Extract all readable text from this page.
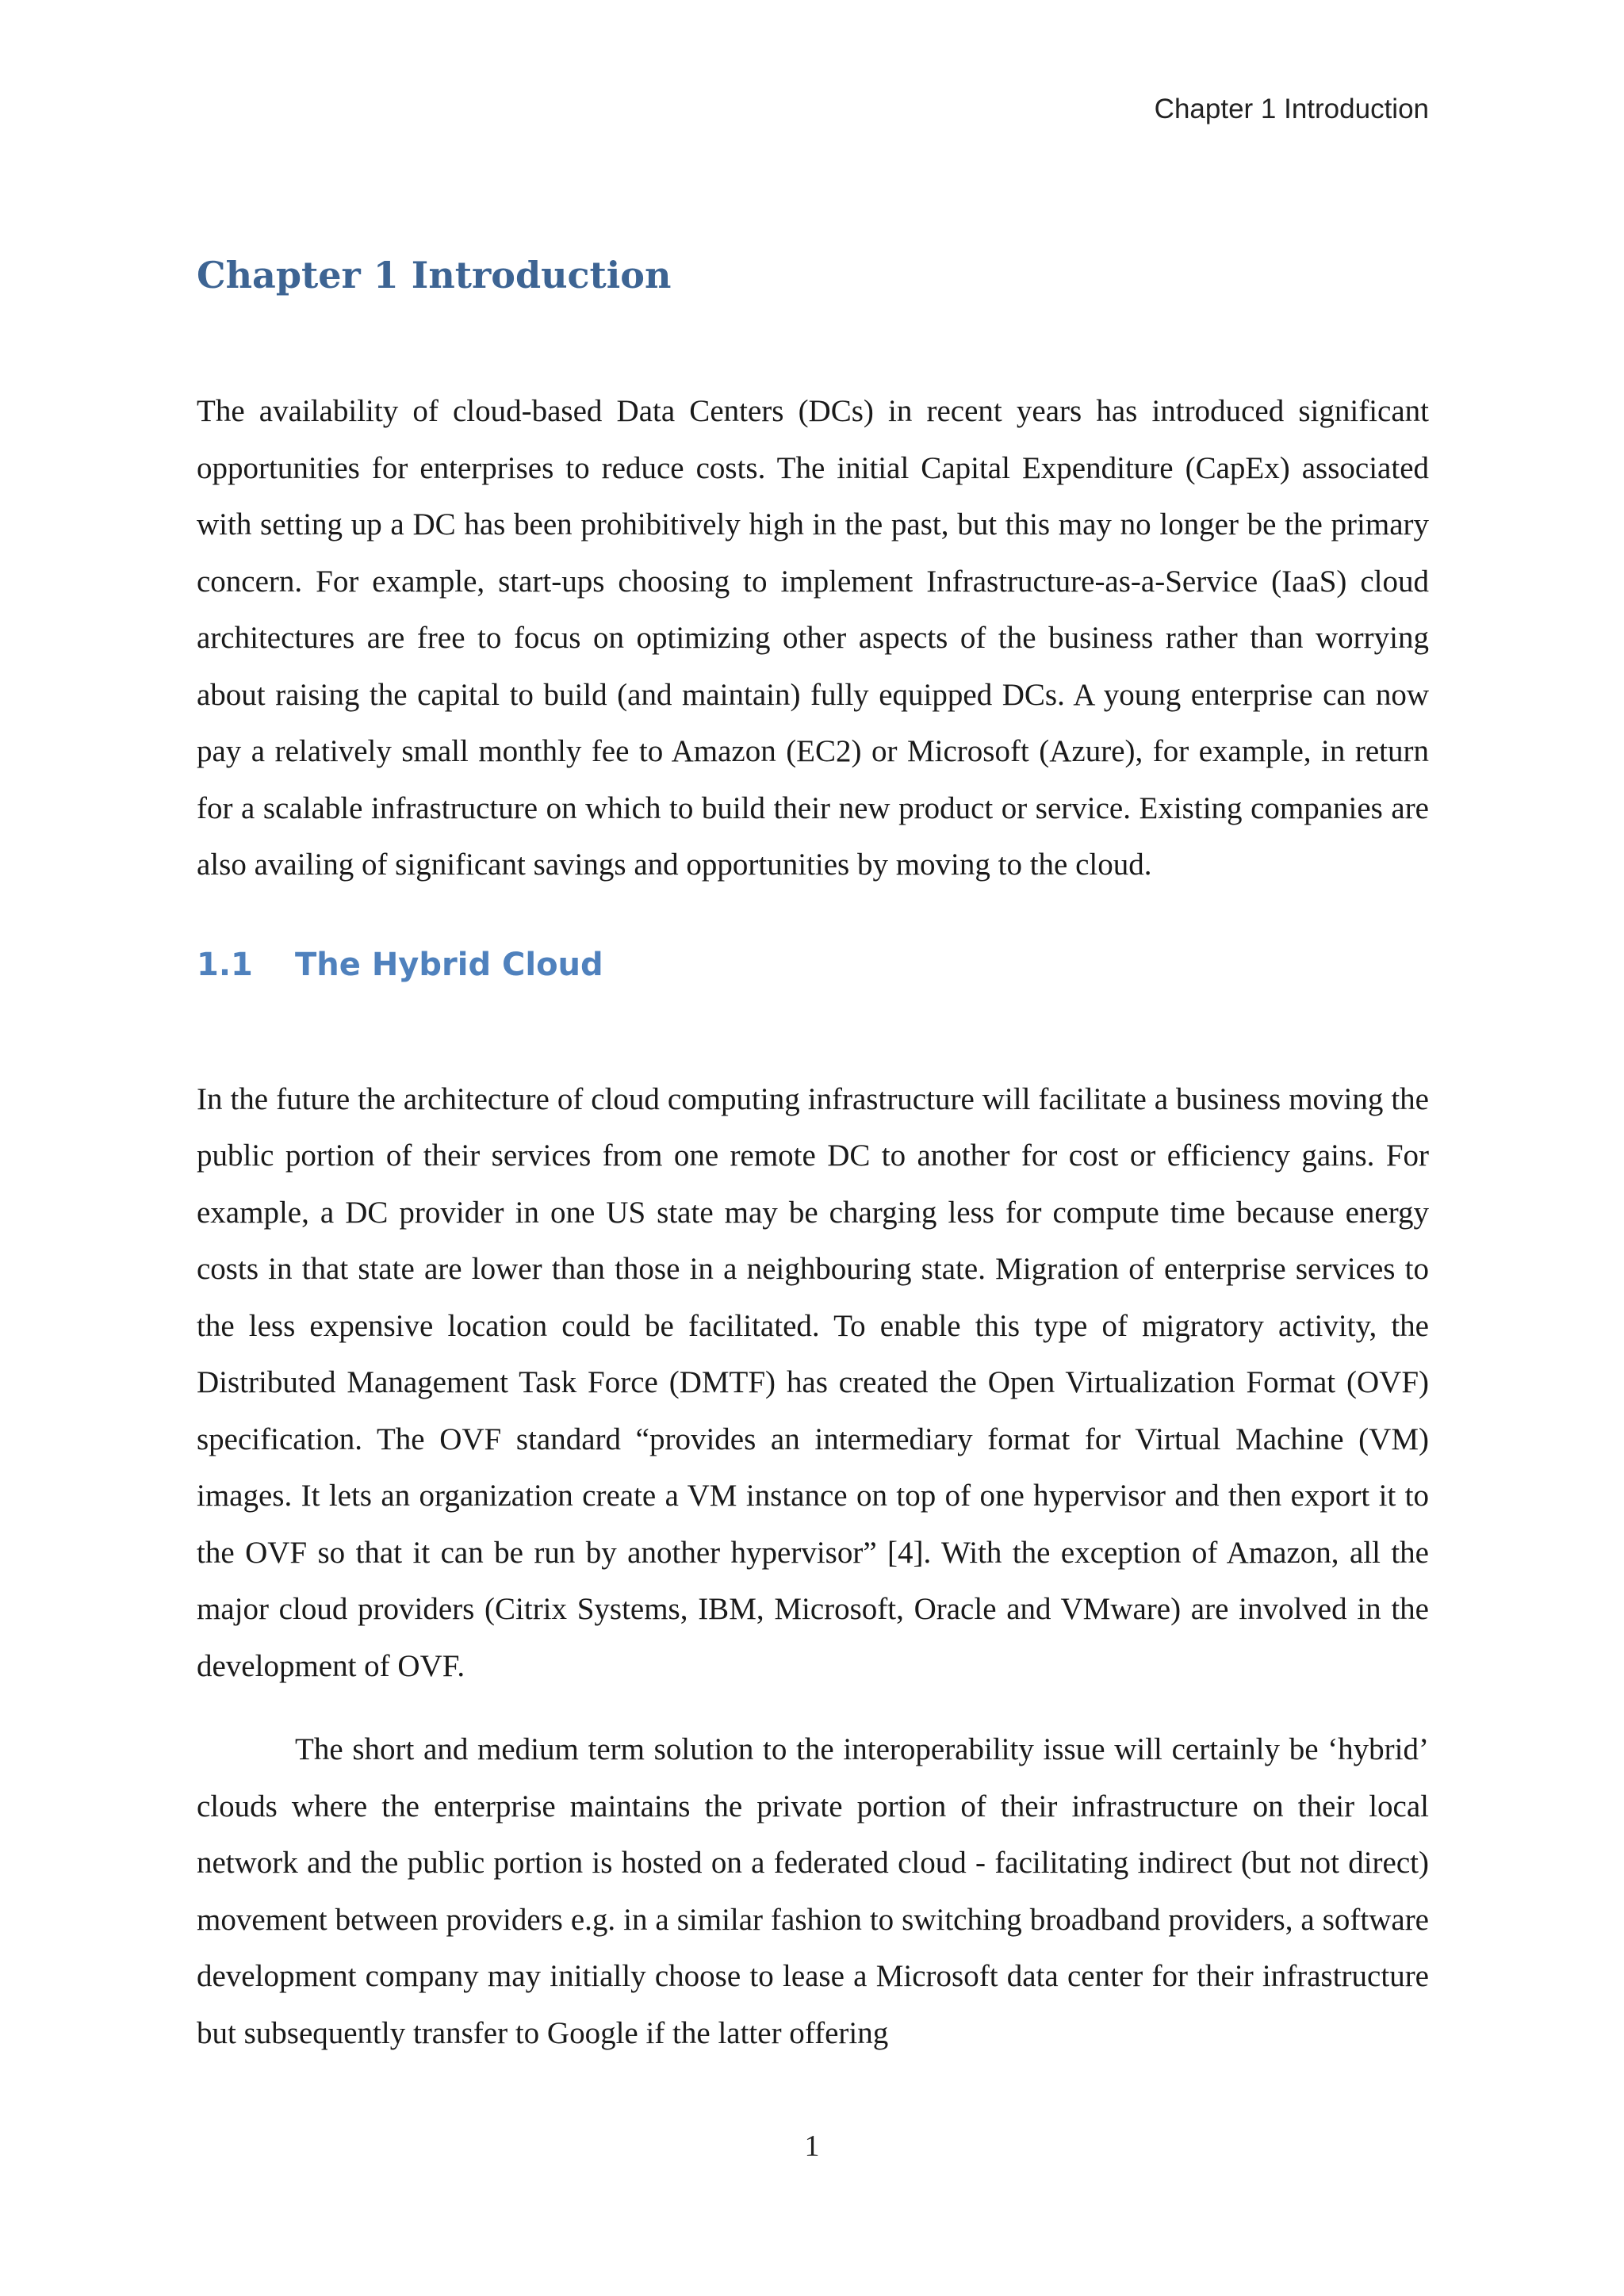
Chapter 1 Introduction

Chapter 1 Introduction

The availability of cloud-based Data Centers (DCs) in recent years has introduced significant opportunities for enterprises to reduce costs. The initial Capital Expenditure (CapEx) associated with setting up a DC has been prohibitively high in the past, but this may no longer be the primary concern. For example, start-ups choosing to implement Infrastructure-as-a-Service (IaaS) cloud architectures are free to focus on optimizing other aspects of the business rather than worrying about raising the capital to build (and maintain) fully equipped DCs. A young enterprise can now pay a relatively small monthly fee to Amazon (EC2) or Microsoft (Azure), for example, in return for a scalable infrastructure on which to build their new product or service. Existing companies are also availing of significant savings and opportunities by moving to the cloud.

1.1	The Hybrid Cloud

In the future the architecture of cloud computing infrastructure will facilitate a business moving the public portion of their services from one remote DC to another for cost or efficiency gains. For example, a DC provider in one US state may be charging less for compute time because energy costs in that state are lower than those in a neighbouring state. Migration of enterprise services to the less expensive location could be facilitated. To enable this type of migratory activity, the Distributed Management Task Force (DMTF) has created the Open Virtualization Format (OVF) specification. The OVF standard “provides an intermediary format for Virtual Machine (VM) images. It lets an organization create a VM instance on top of one hypervisor and then export it to the OVF so that it can be run by another hypervisor” [4]. With the exception of Amazon, all the major cloud providers (Citrix Systems, IBM, Microsoft, Oracle and VMware) are involved in the development of OVF.

The short and medium term solution to the interoperability issue will certainly be ‘hybrid’ clouds where the enterprise maintains the private portion of their infrastructure on their local network and the public portion is hosted on a federated cloud - facilitating indirect (but not direct) movement between providers e.g. in a similar fashion to switching broadband providers, a software development company may initially choose to lease a Microsoft data center for their infrastructure but subsequently transfer to Google if the latter offering

1
